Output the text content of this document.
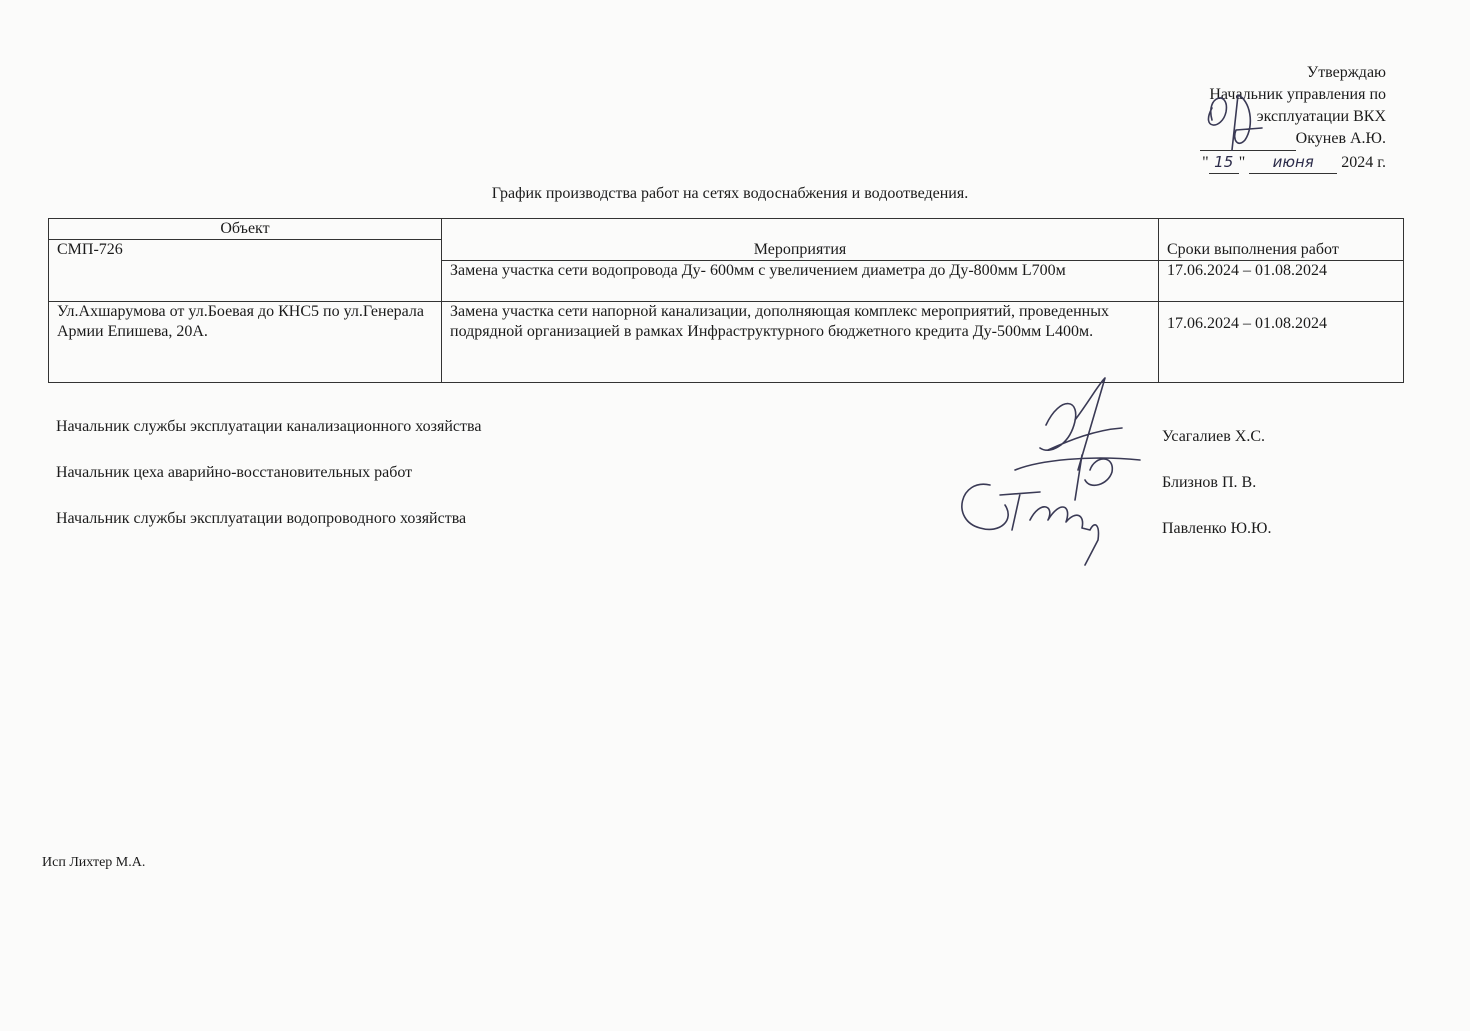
Утверждаю
Начальник управления по
эксплуатации ВКХ
Окунев А.Ю.
" 15 " июня 2024 г.
График производства работ на сетях водоснабжения и водоотведения.
Объект	Мероприятия	
СМП-726		Сроки выполнения работ
	Замена участка сети водопровода Ду- 600мм с увеличением диаметра до Ду-800мм L700м	17.06.2024 – 01.08.2024
Ул.Ахшарумова от ул.Боевая до КНС5 по ул.Генерала Армии Епишева, 20А.	Замена участка сети напорной канализации, дополняющая комплекс мероприятий, проведенных подрядной организацией в рамках Инфраструктурного бюджетного кредита Ду-500мм L400м.	17.06.2024 – 01.08.2024
Начальник службы эксплуатации канализационного хозяйства
Усагалиев Х.С.
Начальник цеха аварийно-восстановительных работ
Близнов П. В.
Начальник службы эксплуатации водопроводного хозяйства
Павленко Ю.Ю.
Исп Лихтер М.А.
